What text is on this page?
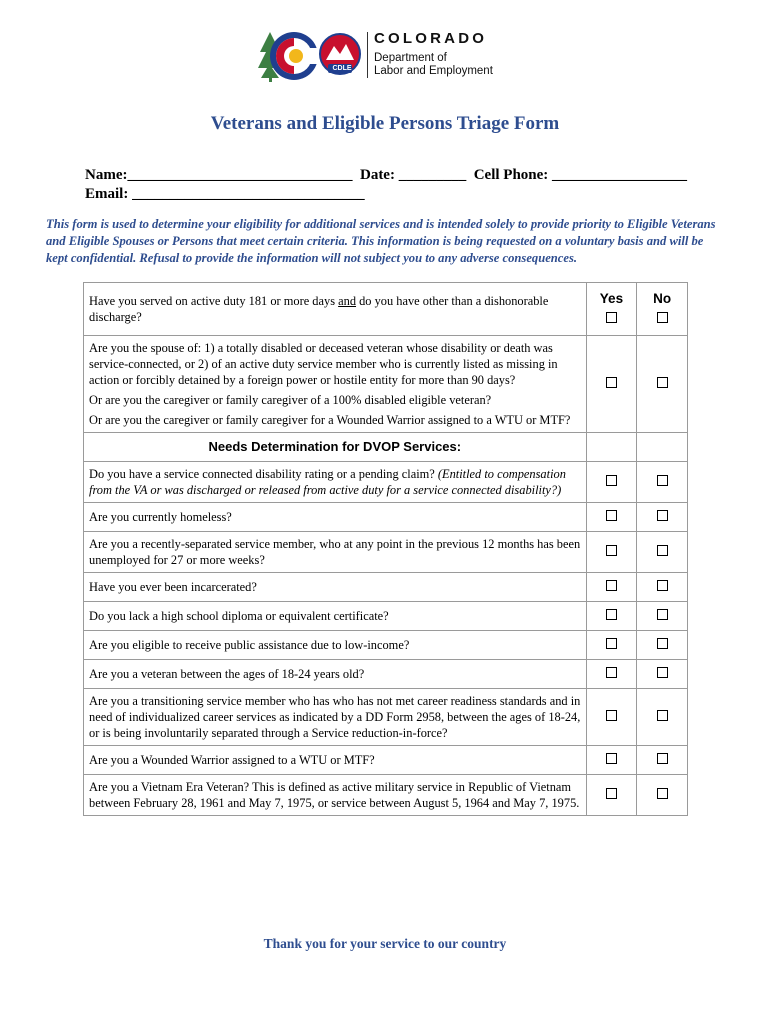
CDLE
COLORADO
Department of
Labor and Employment
Veterans and Eligible Persons Triage Form
Name:______________________________  Date: _________  Cell Phone: __________________
Email: _______________________________
This form is used to determine your eligibility for additional services and is intended solely to provide priority to Eligible Veterans and Eligible Spouses or Persons that meet certain criteria. This information is being requested on a voluntary basis and will be kept confidential. Refusal to provide the information will not subject you to any adverse consequences.
Have you served on active duty 181 or more days and do you have other than a dishonorable discharge?	Yes	No

Are you the spouse of: 1) a totally disabled or deceased veteran whose disability or death was service-connected, or 2) of an active duty service member who is currently listed as missing in action or forcibly detained by a foreign power or hostile entity for more than 90 days?
Or are you the caregiver or family caregiver of a 100% disabled eligible veteran?
Or are you the caregiver or family caregiver for a Wounded Warrior assigned to a WTU or MTF?		

Needs Determination for DVOP Services:		
Do you have a service connected disability rating or a pending claim? (Entitled to compensation from the VA or was discharged or released from active duty for a service connected disability?)		
Are you currently homeless?		
Are you a recently-separated service member, who at any point in the previous 12 months has been unemployed for 27 or more weeks?		
Have you ever been incarcerated?		
Do you lack a high school diploma or equivalent certificate?		
Are you eligible to receive public assistance due to low-income?		
Are you a veteran between the ages of 18-24 years old?		
Are you a transitioning service member who has who has not met career readiness standards and in need of individualized career services as indicated by a DD Form 2958, between the ages of 18-24, or is being involuntarily separated through a Service reduction-in-force?		
Are you a Wounded Warrior assigned to a WTU or MTF?		
Are you a Vietnam Era Veteran? This is defined as active military service in Republic of Vietnam between February 28, 1961 and May 7, 1975, or service between August 5, 1964 and May 7, 1975.		
Thank you for your service to our country
